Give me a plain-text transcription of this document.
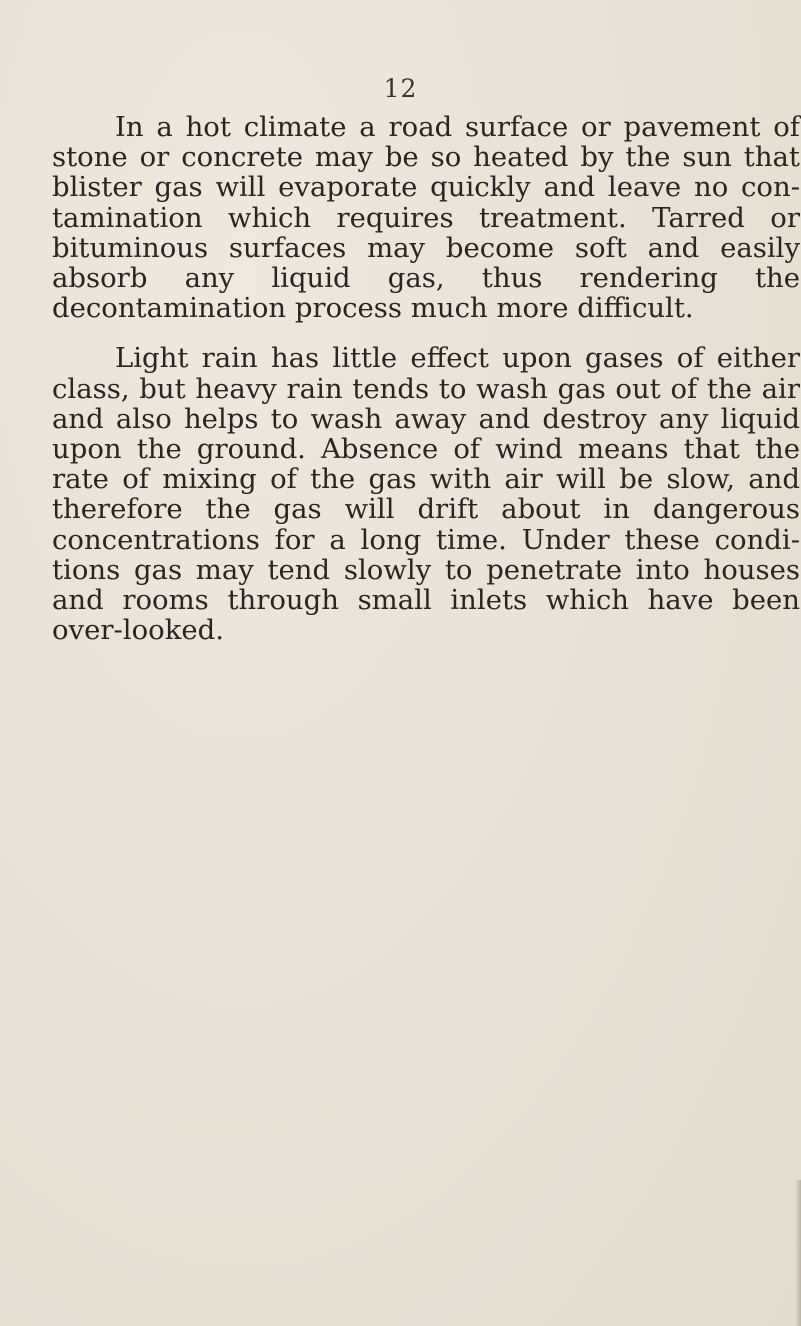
12

In a hot climate a road surface or pavement of stone or concrete may be so heated by the sun that blister gas will evaporate quickly and leave no con-tamination which requires treatment. Tarred or bituminous surfaces may become soft and easily absorb any liquid gas, thus rendering the decontamination process much more difficult.

Light rain has little effect upon gases of either class, but heavy rain tends to wash gas out of the air and also helps to wash away and destroy any liquid upon the ground. Absence of wind means that the rate of mixing of the gas with air will be slow, and therefore the gas will drift about in dangerous concentrations for a long time. Under these condi-tions gas may tend slowly to penetrate into houses and rooms through small inlets which have been over-looked.
